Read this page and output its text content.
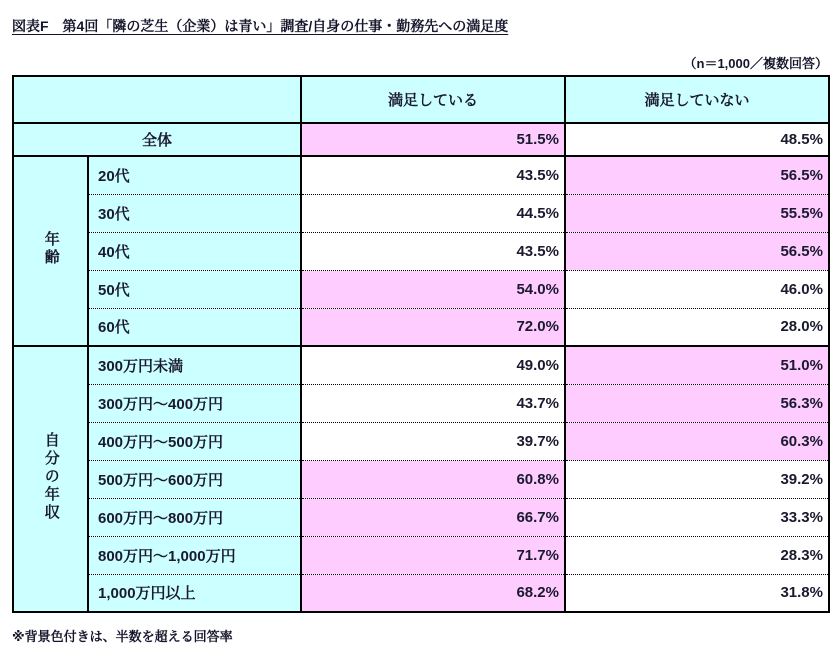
図表F　第4回「隣の芝生（企業）は青い」調査/自身の仕事・勤務先への満足度
（n＝1,000／複数回答）
		満足している	満足していない
全体		51.5%	48.5%
年齢	20代	43.5%	56.5%
	30代	44.5%	55.5%
	40代	43.5%	56.5%
	50代	54.0%	46.0%
	60代	72.0%	28.0%
自分の年収	300万円未満	49.0%	51.0%
	300万円～400万円	43.7%	56.3%
	400万円～500万円	39.7%	60.3%
	500万円～600万円	60.8%	39.2%
	600万円～800万円	66.7%	33.3%
	800万円～1,000万円	71.7%	28.3%
	1,000万円以上	68.2%	31.8%
※背景色付きは、半数を超える回答率
